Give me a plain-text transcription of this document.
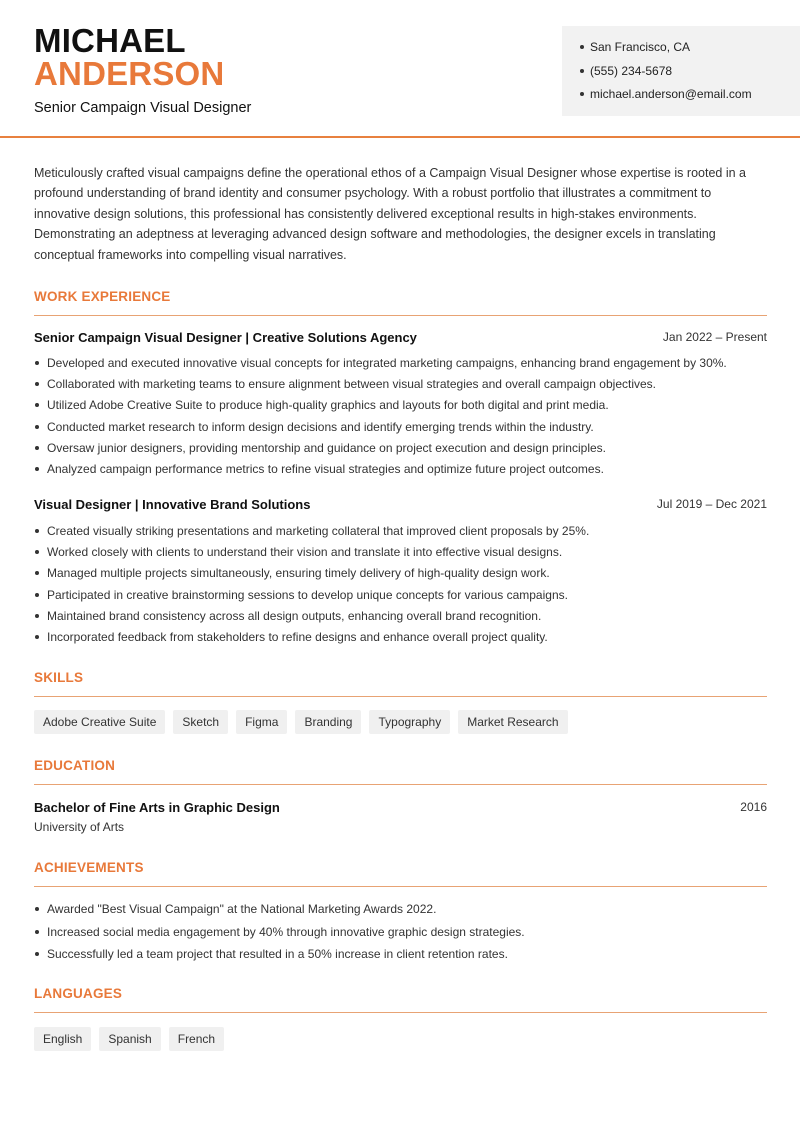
MICHAEL
ANDERSON
Senior Campaign Visual Designer
San Francisco, CA
(555) 234-5678
michael.anderson@email.com

Meticulously crafted visual campaigns define the operational ethos of a Campaign Visual Designer whose expertise is rooted in a profound understanding of brand identity and consumer psychology. With a robust portfolio that illustrates a commitment to innovative design solutions, this professional has consistently delivered exceptional results in high-stakes environments. Demonstrating an adeptness at leveraging advanced design software and methodologies, the designer excels in translating conceptual frameworks into compelling visual narratives.

WORK EXPERIENCE
Senior Campaign Visual Designer | Creative Solutions Agency	Jan 2022 – Present
Developed and executed innovative visual concepts for integrated marketing campaigns, enhancing brand engagement by 30%.
Collaborated with marketing teams to ensure alignment between visual strategies and overall campaign objectives.
Utilized Adobe Creative Suite to produce high-quality graphics and layouts for both digital and print media.
Conducted market research to inform design decisions and identify emerging trends within the industry.
Oversaw junior designers, providing mentorship and guidance on project execution and design principles.
Analyzed campaign performance metrics to refine visual strategies and optimize future project outcomes.
Visual Designer | Innovative Brand Solutions	Jul 2019 – Dec 2021
Created visually striking presentations and marketing collateral that improved client proposals by 25%.
Worked closely with clients to understand their vision and translate it into effective visual designs.
Managed multiple projects simultaneously, ensuring timely delivery of high-quality design work.
Participated in creative brainstorming sessions to develop unique concepts for various campaigns.
Maintained brand consistency across all design outputs, enhancing overall brand recognition.
Incorporated feedback from stakeholders to refine designs and enhance overall project quality.
SKILLS
Adobe Creative Suite	Sketch	Figma	Branding	Typography	Market Research
EDUCATION
Bachelor of Fine Arts in Graphic Design	2016
University of Arts
ACHIEVEMENTS
Awarded "Best Visual Campaign" at the National Marketing Awards 2022.
Increased social media engagement by 40% through innovative graphic design strategies.
Successfully led a team project that resulted in a 50% increase in client retention rates.
LANGUAGES
English	Spanish	French
